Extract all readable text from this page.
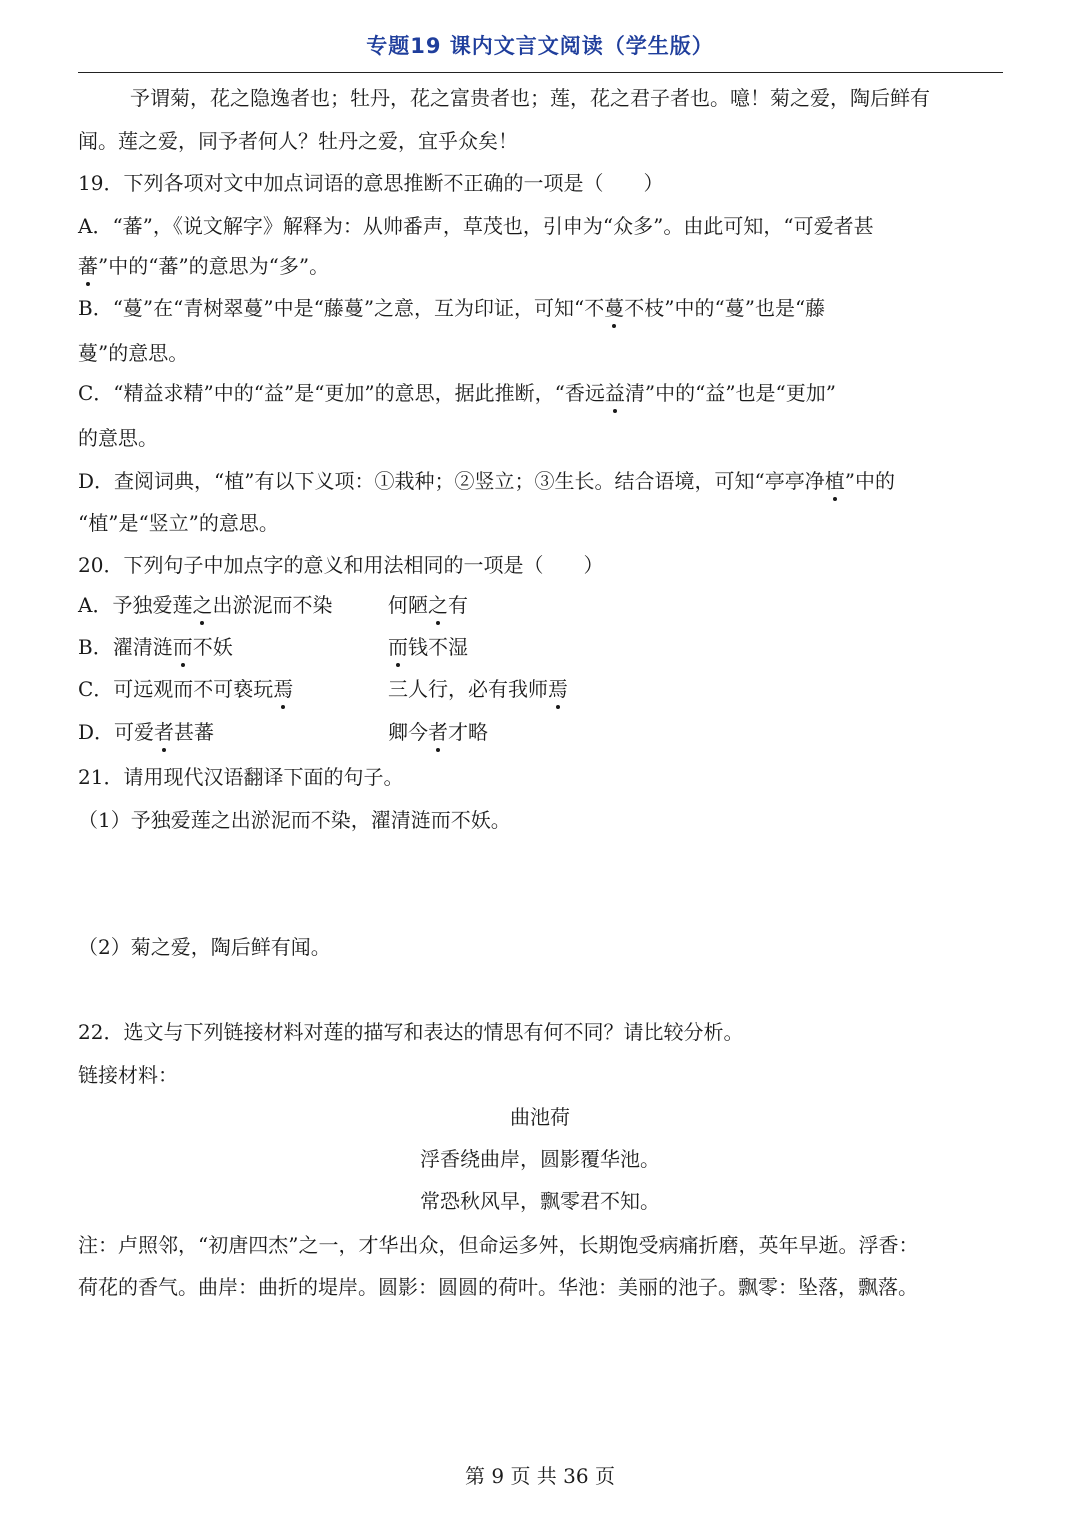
专题19 课内文言文阅读（学生版）
予谓菊，花之隐逸者也；牡丹，花之富贵者也；莲，花之君子者也。噫！菊之爱，陶后鲜有
闻。莲之爱，同予者何人？牡丹之爱，宜乎众矣！
19．下列各项对文中加点词语的意思推断不正确的一项是（　　）
A．“蕃”，《说文解字》解释为：从帅番声，草茂也，引申为“众多”。由此可知，“可爱者甚
蕃”中的“蕃”的意思为“多”。
B．“蔓”在“青树翠蔓”中是“藤蔓”之意，互为印证，可知“不蔓不枝”中的“蔓”也是“藤
蔓”的意思。
C．“精益求精”中的“益”是“更加”的意思，据此推断，“香远益清”中的“益”也是“更加”
的意思。
D．查阅词典，“植”有以下义项：①栽种；②竖立；③生长。结合语境，可知“亭亭净植”中的
“植”是“竖立”的意思。
20．下列句子中加点字的意义和用法相同的一项是（　　）
A．予独爱莲之出淤泥而不染	何陋之有
B．濯清涟而不妖	而钱不湿
C．可远观而不可亵玩焉	三人行，必有我师焉
D．可爱者甚蕃	卿今者才略
21．请用现代汉语翻译下面的句子。
（1）予独爱莲之出淤泥而不染，濯清涟而不妖。
（2）菊之爱，陶后鲜有闻。
22．选文与下列链接材料对莲的描写和表达的情思有何不同？请比较分析。
链接材料：
曲池荷
浮香绕曲岸，圆影覆华池。
常恐秋风早，飘零君不知。
注：卢照邻，“初唐四杰”之一，才华出众，但命运多舛，长期饱受病痛折磨，英年早逝。浮香：
荷花的香气。曲岸：曲折的堤岸。圆影：圆圆的荷叶。华池：美丽的池子。飘零：坠落，飘落。
第 9 页 共 36 页
